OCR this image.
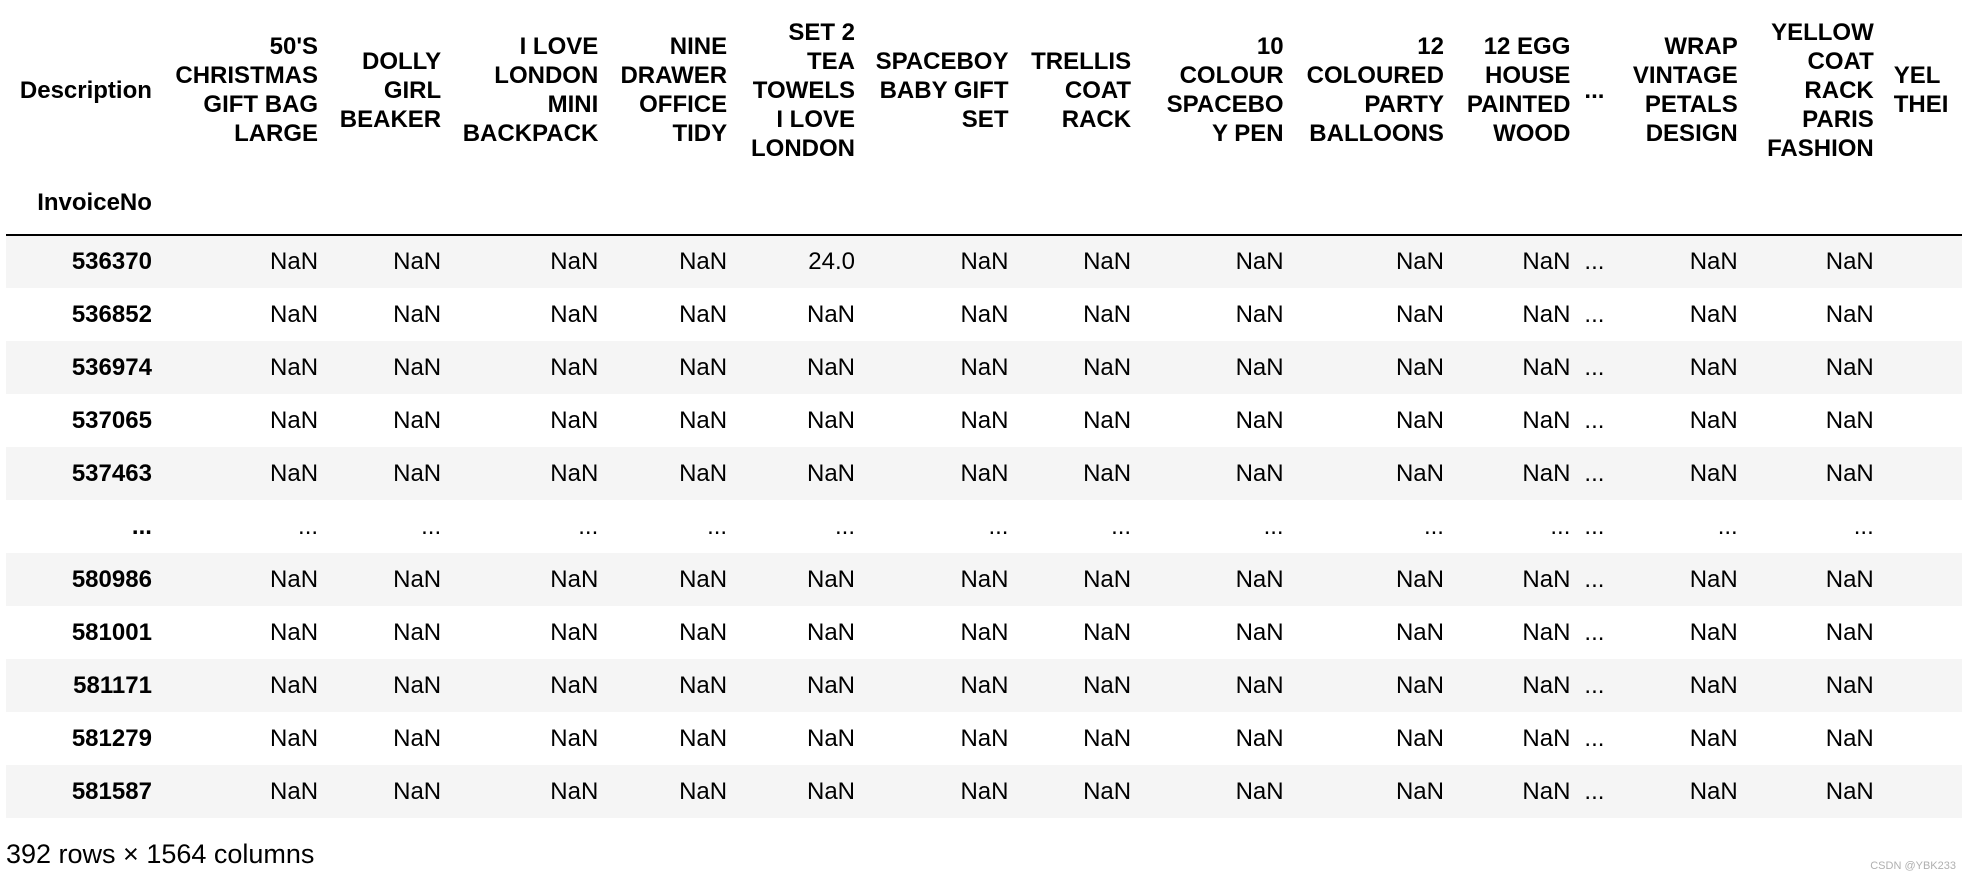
Description	50'S CHRISTMAS GIFT BAG LARGE	DOLLY GIRL BEAKER	I LOVE LONDON MINI BACKPACK	NINE DRAWER OFFICE TIDY	SET 2 TEA TOWELS I LOVE LONDON	SPACEBOY BABY GIFT SET	TRELLIS COAT RACK	10 COLOUR SPACEBOY PEN	12 COLOURED PARTY BALLOONS	12 EGG HOUSE PAINTED WOOD	...	WRAP VINTAGE PETALS DESIGN	YELLOW COAT RACK PARIS FASHION	YEL
THEI
InvoiceNo														
536370	NaN	NaN	NaN	NaN	24.0	NaN	NaN	NaN	NaN	NaN	...	NaN	NaN	
536852	NaN	NaN	NaN	NaN	NaN	NaN	NaN	NaN	NaN	NaN	...	NaN	NaN	
536974	NaN	NaN	NaN	NaN	NaN	NaN	NaN	NaN	NaN	NaN	...	NaN	NaN	
537065	NaN	NaN	NaN	NaN	NaN	NaN	NaN	NaN	NaN	NaN	...	NaN	NaN	
537463	NaN	NaN	NaN	NaN	NaN	NaN	NaN	NaN	NaN	NaN	...	NaN	NaN	
...	...	...	...	...	...	...	...	...	...	...	...	...	...	
580986	NaN	NaN	NaN	NaN	NaN	NaN	NaN	NaN	NaN	NaN	...	NaN	NaN	
581001	NaN	NaN	NaN	NaN	NaN	NaN	NaN	NaN	NaN	NaN	...	NaN	NaN	
581171	NaN	NaN	NaN	NaN	NaN	NaN	NaN	NaN	NaN	NaN	...	NaN	NaN	
581279	NaN	NaN	NaN	NaN	NaN	NaN	NaN	NaN	NaN	NaN	...	NaN	NaN	
581587	NaN	NaN	NaN	NaN	NaN	NaN	NaN	NaN	NaN	NaN	...	NaN	NaN	
392 rows × 1564 columns	CSDN @YBK233
